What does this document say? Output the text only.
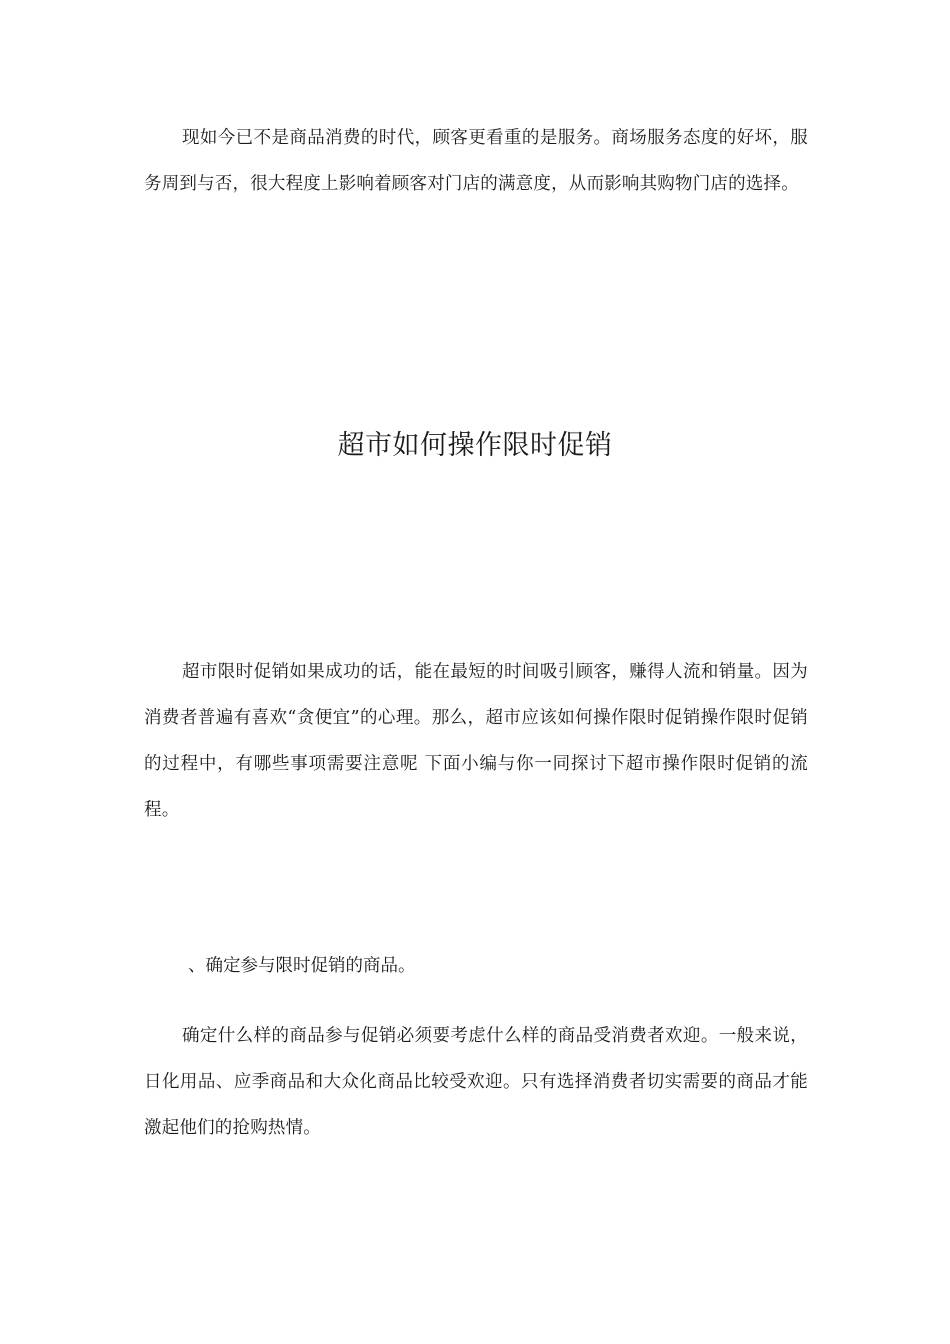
现如今已不是商品消费的时代，顾客更看重的是服务。商场服务态度的好坏，服务周到与否，很大程度上影响着顾客对门店的满意度，从而影响其购物门店的选择。

超市如何操作限时促销

超市限时促销如果成功的话，能在最短的时间吸引顾客，赚得人流和销量。因为消费者普遍有喜欢“贪便宜”的心理。那么，超市应该如何操作限时促销操作限时促销的过程中，有哪些事项需要注意呢 下面小编与你一同探讨下超市操作限时促销的流程。

、确定参与限时促销的商品。

确定什么样的商品参与促销必须要考虑什么样的商品受消费者欢迎。一般来说，日化用品、应季商品和大众化商品比较受欢迎。只有选择消费者切实需要的商品才能激起他们的抢购热情。
